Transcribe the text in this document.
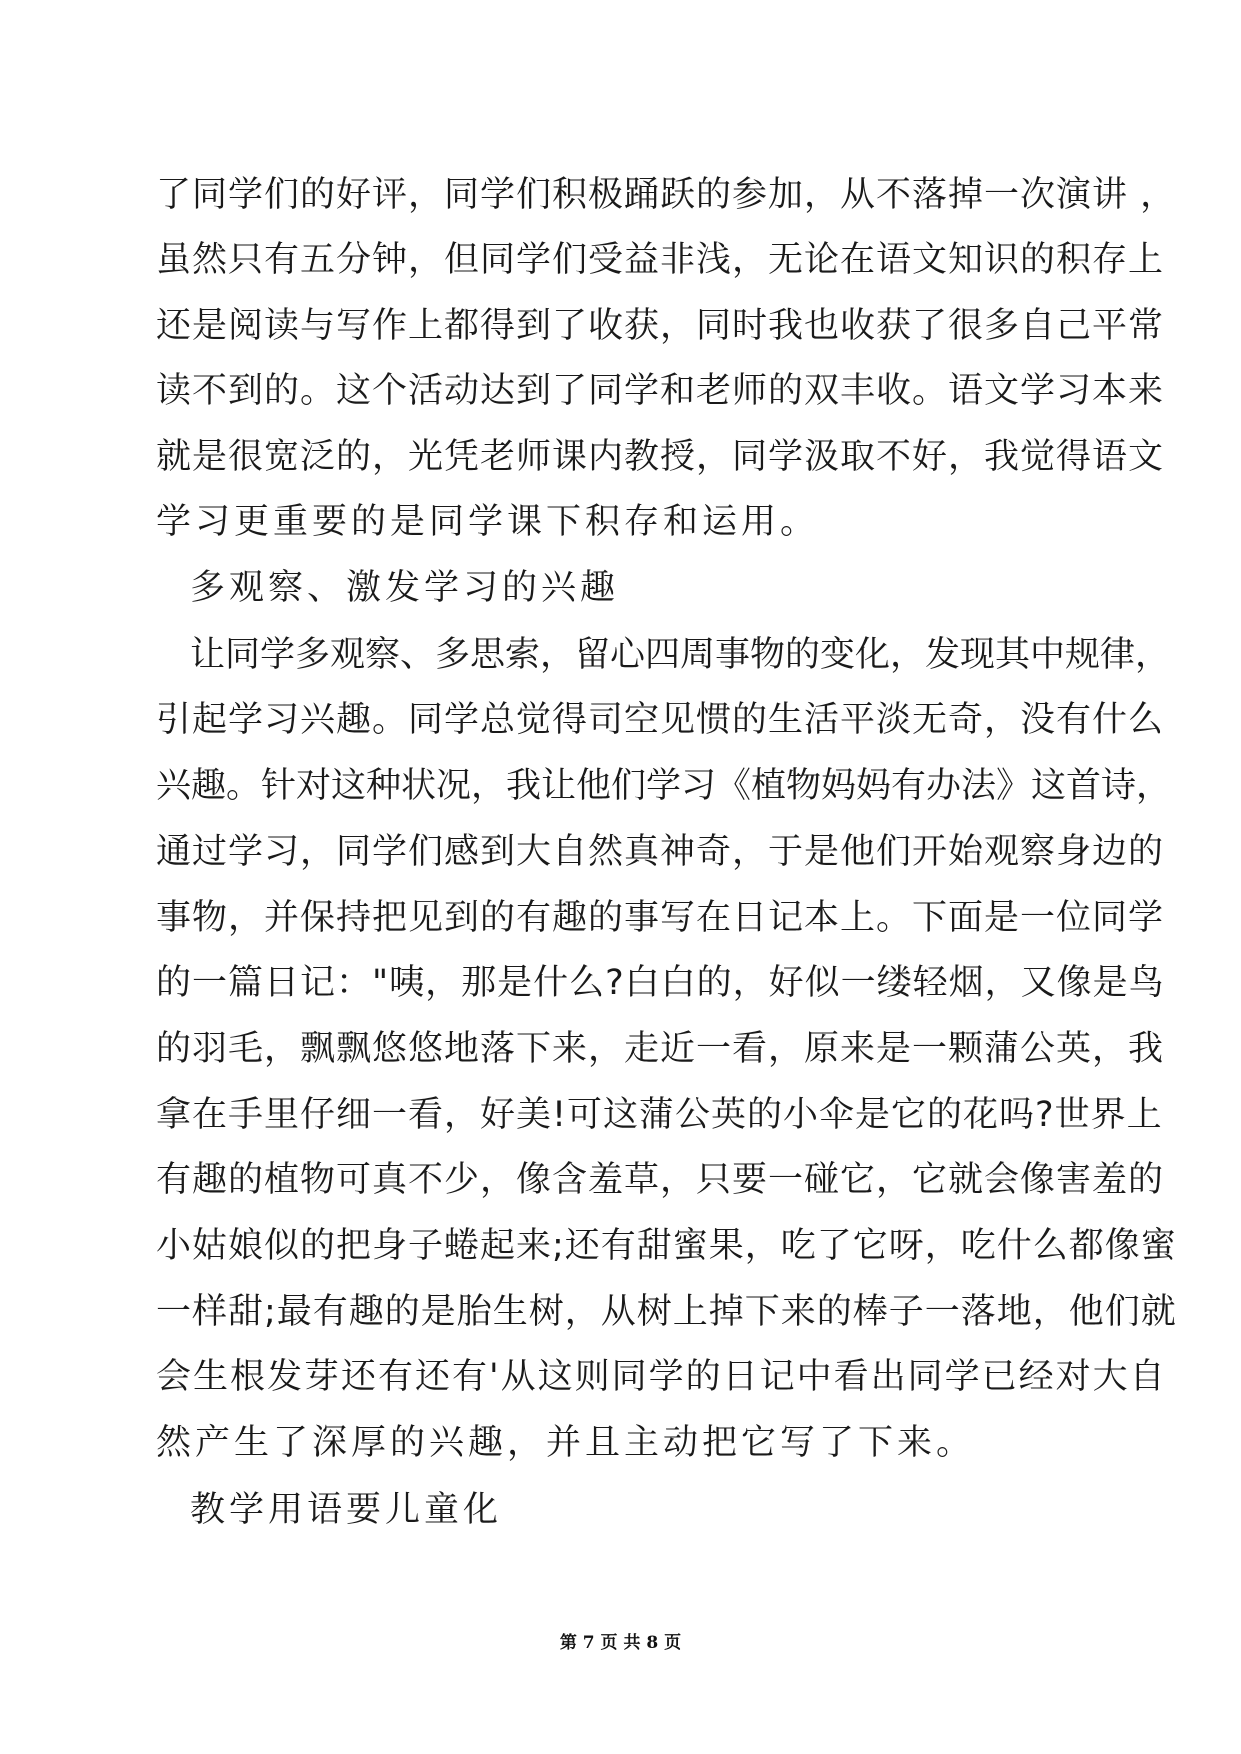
了同学们的好评，同学们积极踊跃的参加，从不落掉一次演讲 ，
虽然只有五分钟，但同学们受益非浅，无论在语文知识的积存上
还是阅读与写作上都得到了收获，同时我也收获了很多自己平常
读不到的。这个活动达到了同学和老师的双丰收。语文学习本来
就是很宽泛的，光凭老师课内教授，同学汲取不好，我觉得语文
学习更重要的是同学课下积存和运用。
多观察、激发学习的兴趣
让同学多观察、多思索，留心四周事物的变化，发现其中规律，
引起学习兴趣。同学总觉得司空见惯的生活平淡无奇，没有什么
兴趣。针对这种状况，我让他们学习《植物妈妈有办法》这首诗，
通过学习，同学们感到大自然真神奇，于是他们开始观察身边的
事物，并保持把见到的有趣的事写在日记本上。下面是一位同学
的一篇日记："咦，那是什么?白白的，好似一缕轻烟，又像是鸟
的羽毛，飘飘悠悠地落下来，走近一看，原来是一颗蒲公英，我
拿在手里仔细一看，好美!可这蒲公英的小伞是它的花吗?世界上
有趣的植物可真不少，像含羞草，只要一碰它，它就会像害羞的
小姑娘似的把身子蜷起来;还有甜蜜果，吃了它呀，吃什么都像蜜
一样甜;最有趣的是胎生树，从树上掉下来的棒子一落地，他们就
会生根发芽还有还有'从这则同学的日记中看出同学已经对大自
然产生了深厚的兴趣，并且主动把它写了下来。
教学用语要儿童化
第 7 页 共 8 页
